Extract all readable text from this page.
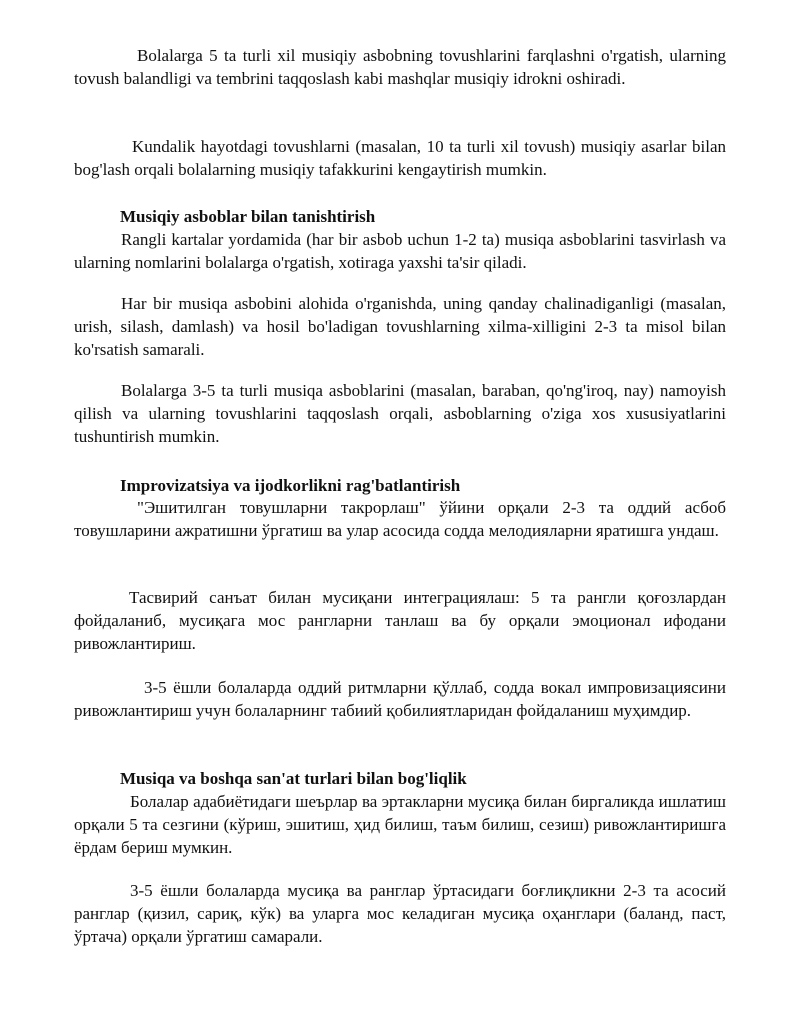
Bolalarga 5 ta turli xil musiqiy asbobning tovushlarini farqlashni o'rgatish, ularning tovush balandligi va tembrini taqqoslash kabi mashqlar musiqiy idrokni oshiradi.

Kundalik hayotdagi tovushlarni (masalan, 10 ta turli xil tovush) musiqiy asarlar bilan bog'lash orqali bolalarning musiqiy tafakkurini kengaytirish mumkin.

Musiqiy asboblar bilan tanishtirish

Rangli kartalar yordamida (har bir asbob uchun 1-2 ta) musiqa asboblarini tasvirlash va ularning nomlarini bolalarga o'rgatish, xotiraga yaxshi ta'sir qiladi.

Har bir musiqa asbobini alohida o'rganishda, uning qanday chalinadiganligi (masalan, urish, silash, damlash) va hosil bo'ladigan tovushlarning xilma-xilligini 2-3 ta misol bilan ko'rsatish samarali.

Bolalarga 3-5 ta turli musiqa asboblarini (masalan, baraban, qo'ng'iroq, nay) namoyish qilish va ularning tovushlarini taqqoslash orqali, asboblarning o'ziga xos xususiyatlarini tushuntirish mumkin.

Improvizatsiya va ijodkorlikni rag'batlantirish

"Эшитилган товушларни такрорлаш" ўйини орқали 2-3 та оддий асбоб товушларини ажратишни ўргатиш ва улар асосида содда мелодияларни яратишга ундаш.

Тасвирий санъат билан мусиқани интеграциялаш: 5 та рангли қоғозлардан фойдаланиб, мусиқага мос рангларни танлаш ва бу орқали эмоционал ифодани ривожлантириш.

3-5 ёшли болаларда оддий ритмларни қўллаб, содда вокал импровизациясини ривожлантириш учун болаларнинг табиий қобилиятларидан фойдаланиш муҳимдир.

Musiqa va boshqa san'at turlari bilan bog'liqlik

Болалар адабиётидаги шеърлар ва эртакларни мусиқа билан биргаликда ишлатиш орқали 5 та сезгини (кўриш, эшитиш, ҳид билиш, таъм билиш, сезиш) ривожлантиришга ёрдам бериш мумкин.

3-5 ёшли болаларда мусиқа ва ранглар ўртасидаги боғлиқликни 2-3 та асосий ранглар (қизил, сариқ, кўк) ва уларга мос келадиган мусиқа оҳанглари (баланд, паст, ўртача) орқали ўргатиш самарали.
